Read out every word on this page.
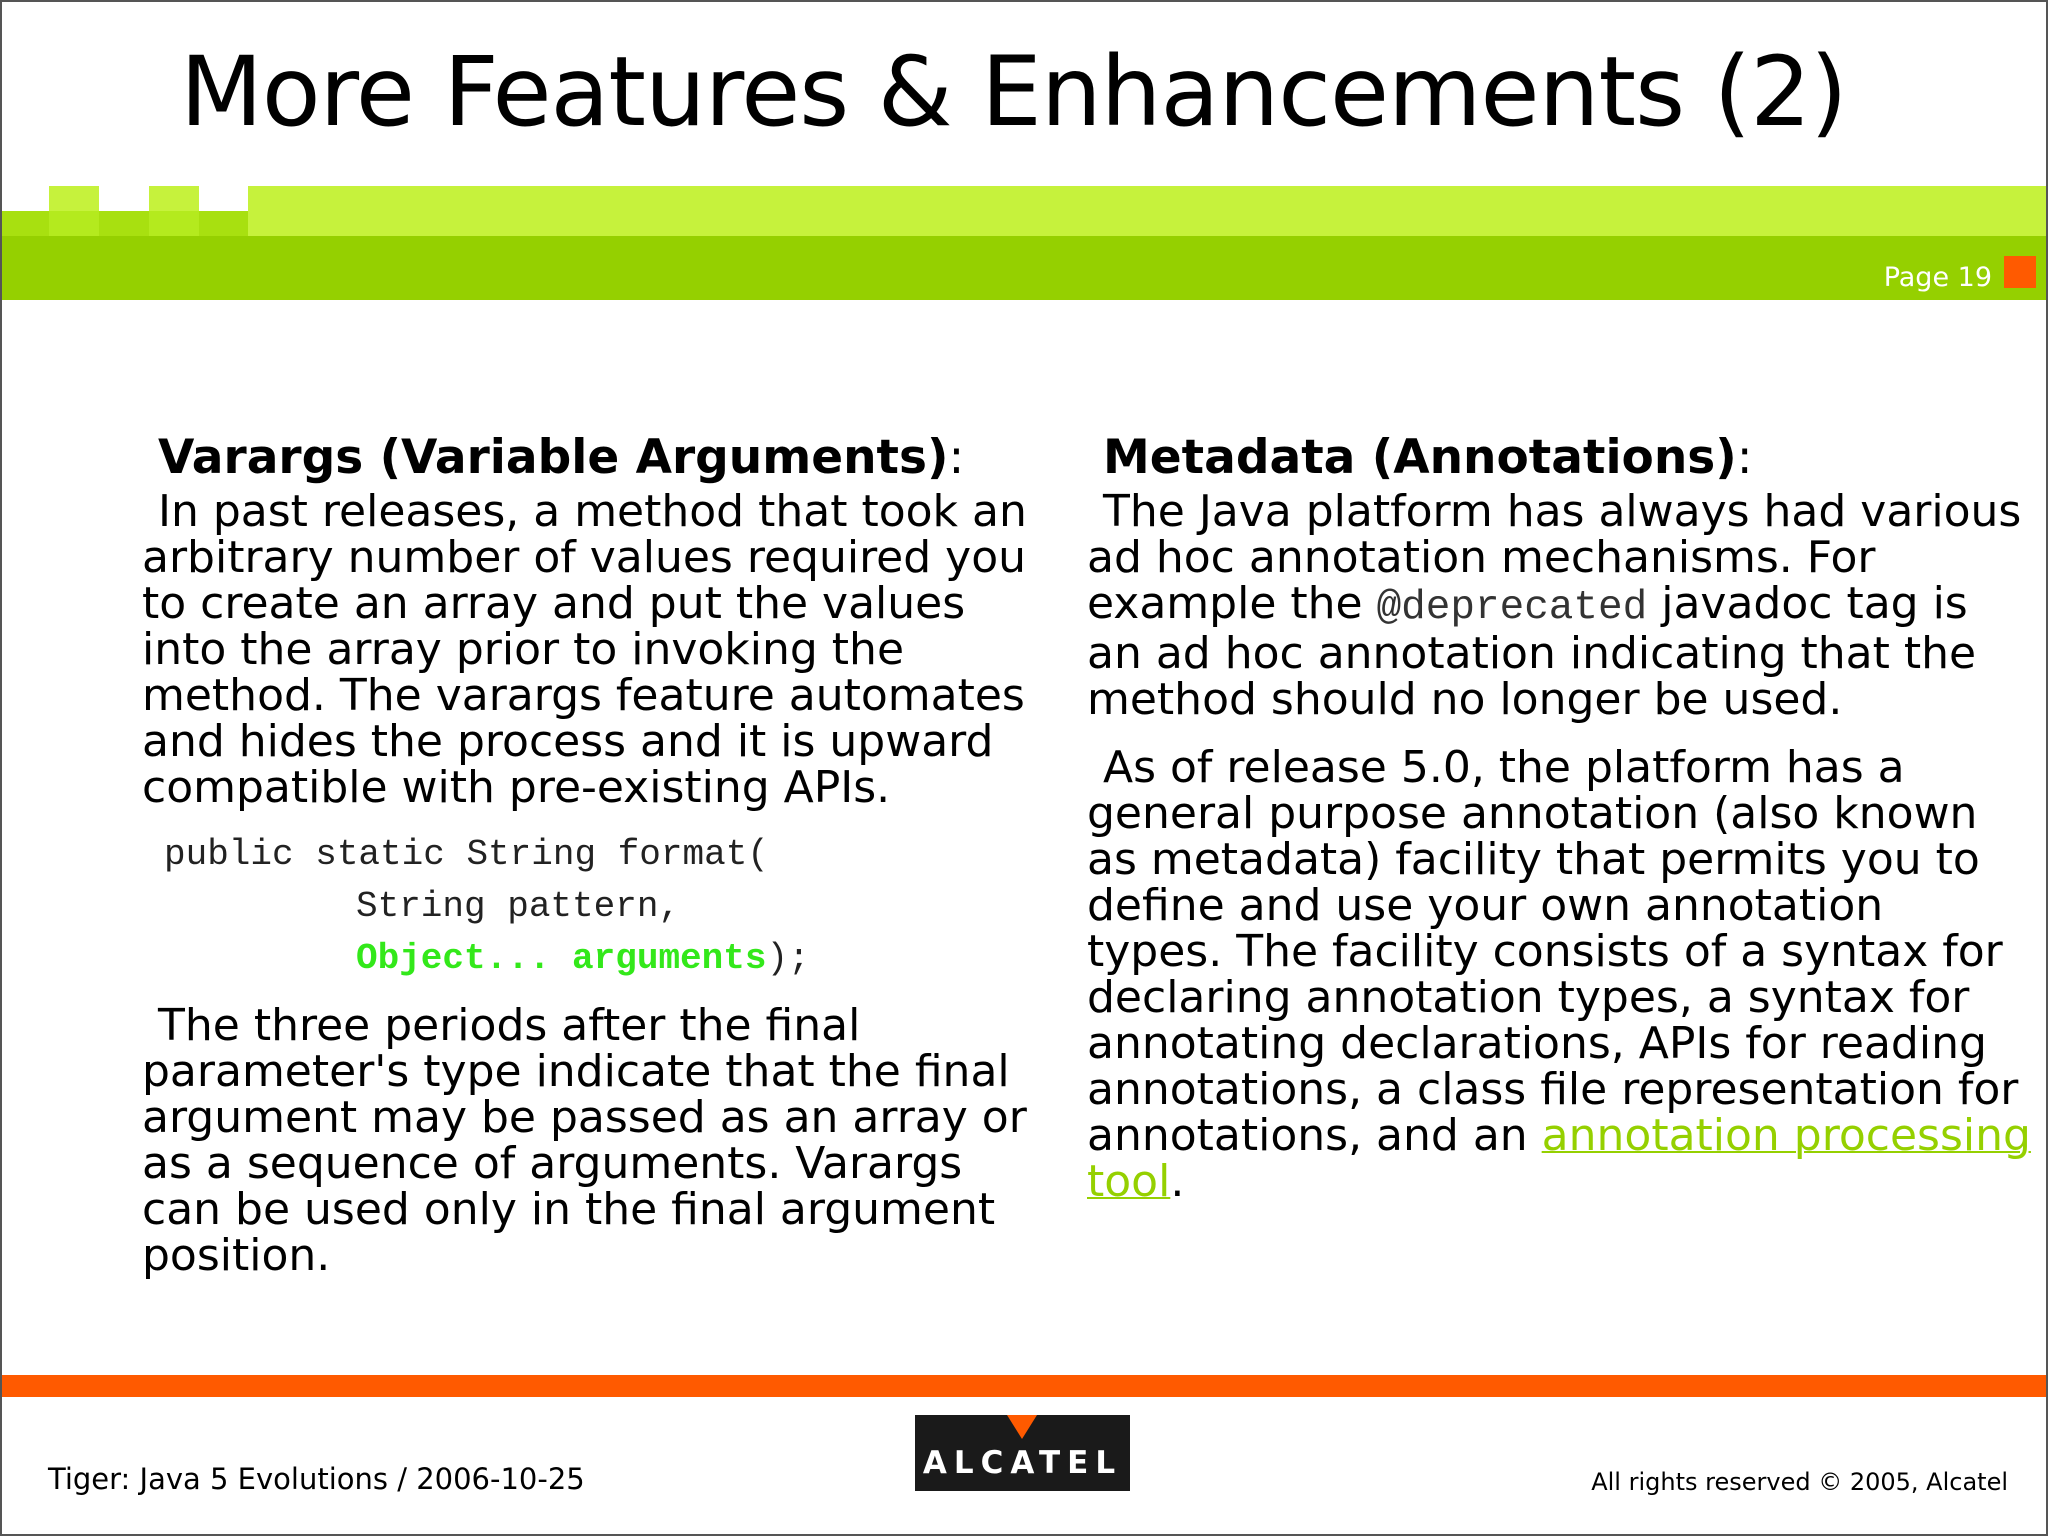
More Features & Enhancements (2)
Page 19
Varargs (Variable Arguments):

In past releases, a method that took an arbitrary number of values required you to create an array and put the values into the array prior to invoking the method. The varargs feature automates and hides the process and it is upward compatible with pre-existing APIs.

public static String format(
String pattern,
Object... arguments);

The three periods after the final parameter's type indicate that the final argument may be passed as an array or as a sequence of arguments. Varargs can be used only in the final argument position.

Metadata (Annotations):

The Java platform has always had various ad hoc annotation mechanisms. For example the @deprecated javadoc tag is an ad hoc annotation indicating that the method should no longer be used.

As of release 5.0, the platform has a general purpose annotation (also known as metadata) facility that permits you to define and use your own annotation types. The facility consists of a syntax for declaring annotation types, a syntax for annotating declarations, APIs for reading annotations, a class file representation for annotations, and an annotation processing tool.

Tiger: Java 5 Evolutions / 2006-10-25	ALCATEL
All rights reserved © 2005, Alcatel
